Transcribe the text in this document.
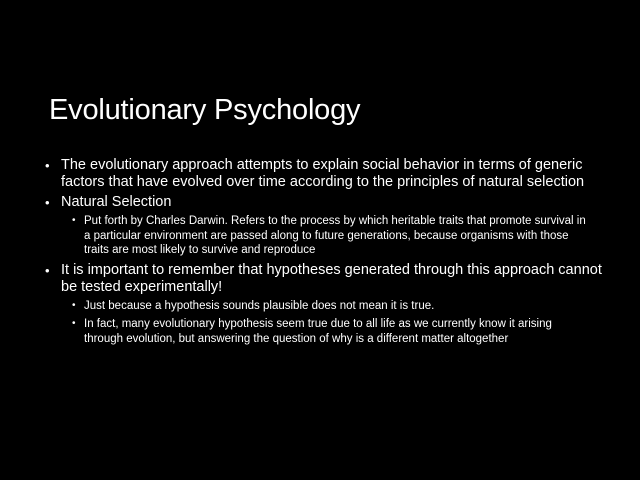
Evolutionary Psychology
• The evolutionary approach attempts to explain social behavior in terms of generic factors that have evolved over time according to the principles of natural selection
• Natural Selection
• Put forth by Charles Darwin. Refers to the process by which heritable traits that promote survival in a particular environment are passed along to future generations, because organisms with those traits are most likely to survive and reproduce
• It is important to remember that hypotheses generated through this approach cannot be tested experimentally!
• Just because a hypothesis sounds plausible does not mean it is true.
• In fact, many evolutionary hypothesis seem true due to all life as we currently know it arising through evolution, but answering the question of why is a different matter altogether
